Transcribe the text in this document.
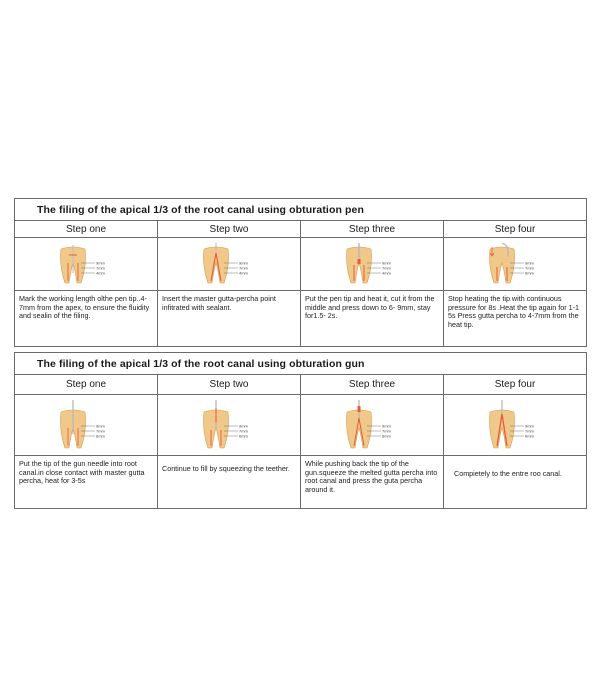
The filing of the apical 1/3 of the root canal using obturation pen
Step one
9mm
7mm
4mm
Mark the working length olthe pen tip..4- 7mm from the apex, to ensure the fluidity and sealin of the filing.
Step two
9mm
7mm
4mm
Insert the master gutta-percha point infitrated with sealant.
Step three
9mm
7mm
4mm
Put the pen tip and heat it, cut it from the middle and press down to 6- 9mm, stay for1.5- 2s.
Step four
9mm
7mm
6mm
Stop heating the tip with continuous pressure for 8s .Heat the tip again for 1-1 5s Press gutta percha to 4-7mm from the heat tip.
The filing of the apical 1/3 of the root canal using obturation gun
Step one
9mm
7mm
6mm
Put the tip of the gun needle into root canal.in close contact with master gutta percha, heat for 3-5s
Step two
9mm
7mm
6mm
Continue to fill by squeezing the teether.
Step three
9mm
7mm
6mm
While pushing back the tip of the gun.squeeze the melted gutta percha into root canal and press the guta percha around it.
Step four
9mm
7mm
6mm
Compietely to the entre roo canal.
